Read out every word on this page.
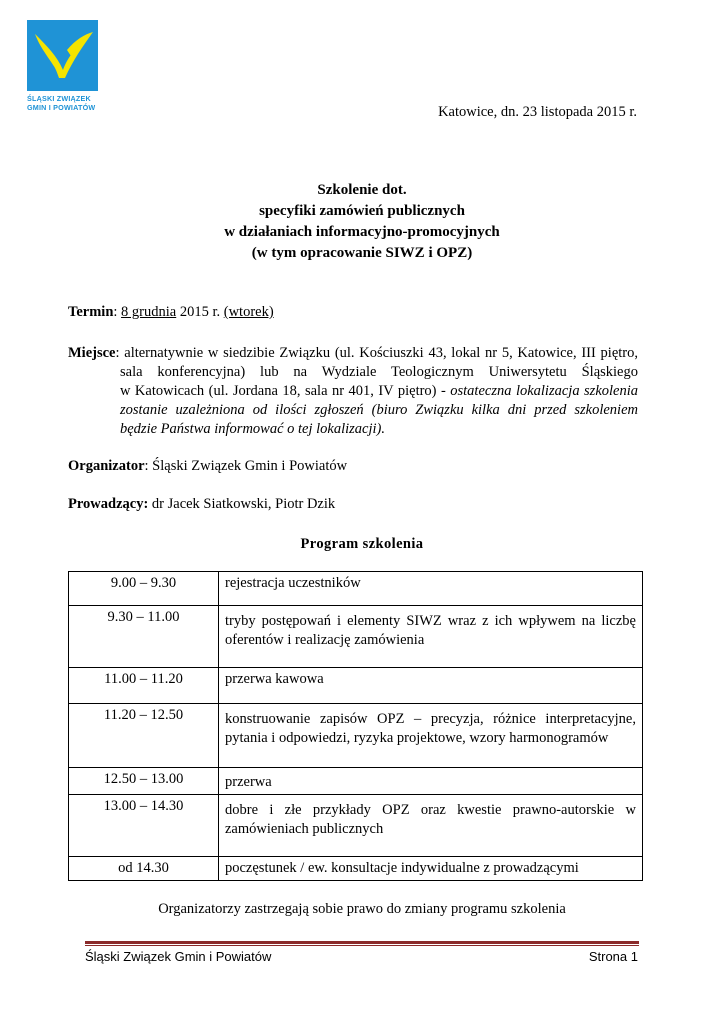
ŚLĄSKI ZWIĄZEK
GMIN I POWIATÓW	Katowice, dn. 23 listopada 2015 r.
Szkolenie dot.
specyfiki zamówień publicznych
w działaniach informacyjno-promocyjnych
(w tym opracowanie SIWZ i OPZ)
Termin: 8 grudnia 2015 r. (wtorek)
Miejsce: alternatywnie w siedzibie Związku (ul. Kościuszki 43, lokal nr 5, Katowice, III piętro,
sala konferencyjna) lub na Wydziale Teologicznym Uniwersytetu Śląskiego
w Katowicach (ul. Jordana 18, sala nr 401, IV piętro) - ostateczna lokalizacja szkolenia
zostanie uzależniona od ilości zgłoszeń (biuro Związku kilka dni przed szkoleniem
będzie Państwa informować o tej lokalizacji).
Organizator: Śląski Związek Gmin i Powiatów
Prowadzący: dr Jacek Siatkowski, Piotr Dzik
Program szkolenia
9.00 – 9.30	rejestracja uczestników
9.30 – 11.00	tryby postępowań i elementy SIWZ wraz z ich wpływem na liczbę oferentów i realizację zamówienia
11.00 – 11.20	przerwa kawowa
11.20 – 12.50	konstruowanie zapisów OPZ – precyzja, różnice interpretacyjne, pytania i odpowiedzi, ryzyka projektowe, wzory harmonogramów
12.50 – 13.00	przerwa
13.00 – 14.30	dobre i złe przykłady OPZ oraz kwestie prawno-autorskie w zamówieniach publicznych
od 14.30	poczęstunek / ew. konsultacje indywidualne z prowadzącymi
Organizatorzy zastrzegają sobie prawo do zmiany programu szkolenia
Śląski Związek Gmin i Powiatów	Strona 1
